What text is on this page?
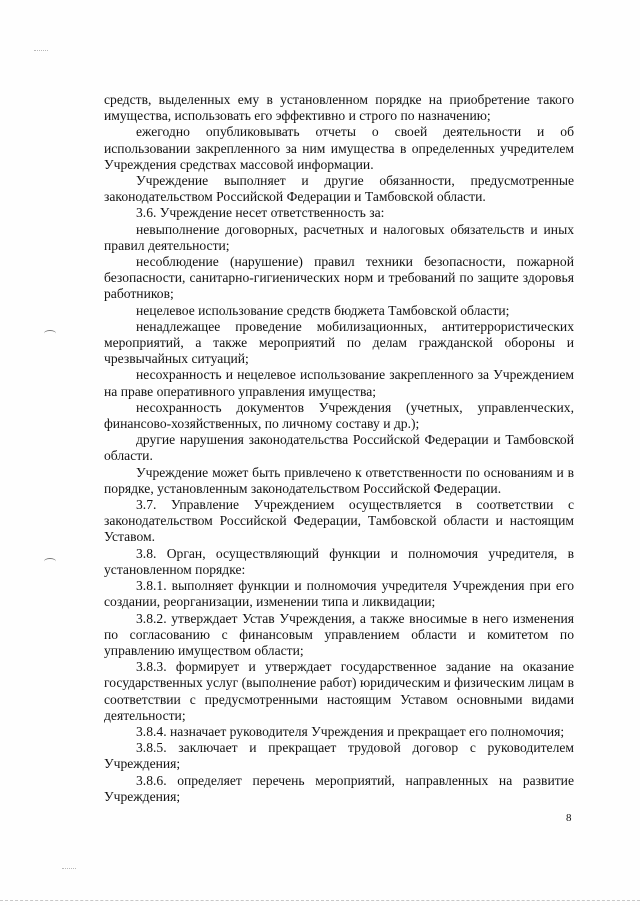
средств, выделенных ему в установленном порядке на приобретение такого имущества, использовать его эффективно и строго по назначению;

ежегодно опубликовывать отчеты о своей деятельности и об использовании закрепленного за ним имущества в определенных учредителем Учреждения средствах массовой информации.

Учреждение выполняет и другие обязанности, предусмотренные законодательством Российской Федерации и Тамбовской области.

3.6. Учреждение несет ответственность за:

невыполнение договорных, расчетных и налоговых обязательств и иных правил деятельности;

несоблюдение (нарушение) правил техники безопасности, пожарной безопасности, санитарно-гигиенических норм и требований по защите здоровья работников;

нецелевое использование средств бюджета Тамбовской области;

ненадлежащее проведение мобилизационных, антитеррористических мероприятий, а также мероприятий по делам гражданской обороны и чрезвычайных ситуаций;

несохранность и нецелевое использование закрепленного за Учреждением на праве оперативного управления имущества;

несохранность документов Учреждения (учетных, управленческих, финансово-хозяйственных, по личному составу и др.);

другие нарушения законодательства Российской Федерации и Тамбовской области.

Учреждение может быть привлечено к ответственности по основаниям и в порядке, установленным законодательством Российской Федерации.

3.7. Управление Учреждением осуществляется в соответствии с законодательством Российской Федерации, Тамбовской области и настоящим Уставом.

3.8. Орган, осуществляющий функции и полномочия учредителя, в установленном порядке:

3.8.1. выполняет функции и полномочия учредителя Учреждения при его создании, реорганизации, изменении типа и ликвидации;

3.8.2. утверждает Устав Учреждения, а также вносимые в него изменения по согласованию с финансовым управлением области и комитетом по управлению имуществом области;

3.8.3. формирует и утверждает государственное задание на оказание государственных услуг (выполнение работ) юридическим и физическим лицам в соответствии с предусмотренными настоящим Уставом основными видами деятельности;

3.8.4. назначает руководителя Учреждения и прекращает его полномочия;

3.8.5. заключает и прекращает трудовой договор с руководителем Учреждения;

3.8.6. определяет перечень мероприятий, направленных на развитие Учреждения;

8
